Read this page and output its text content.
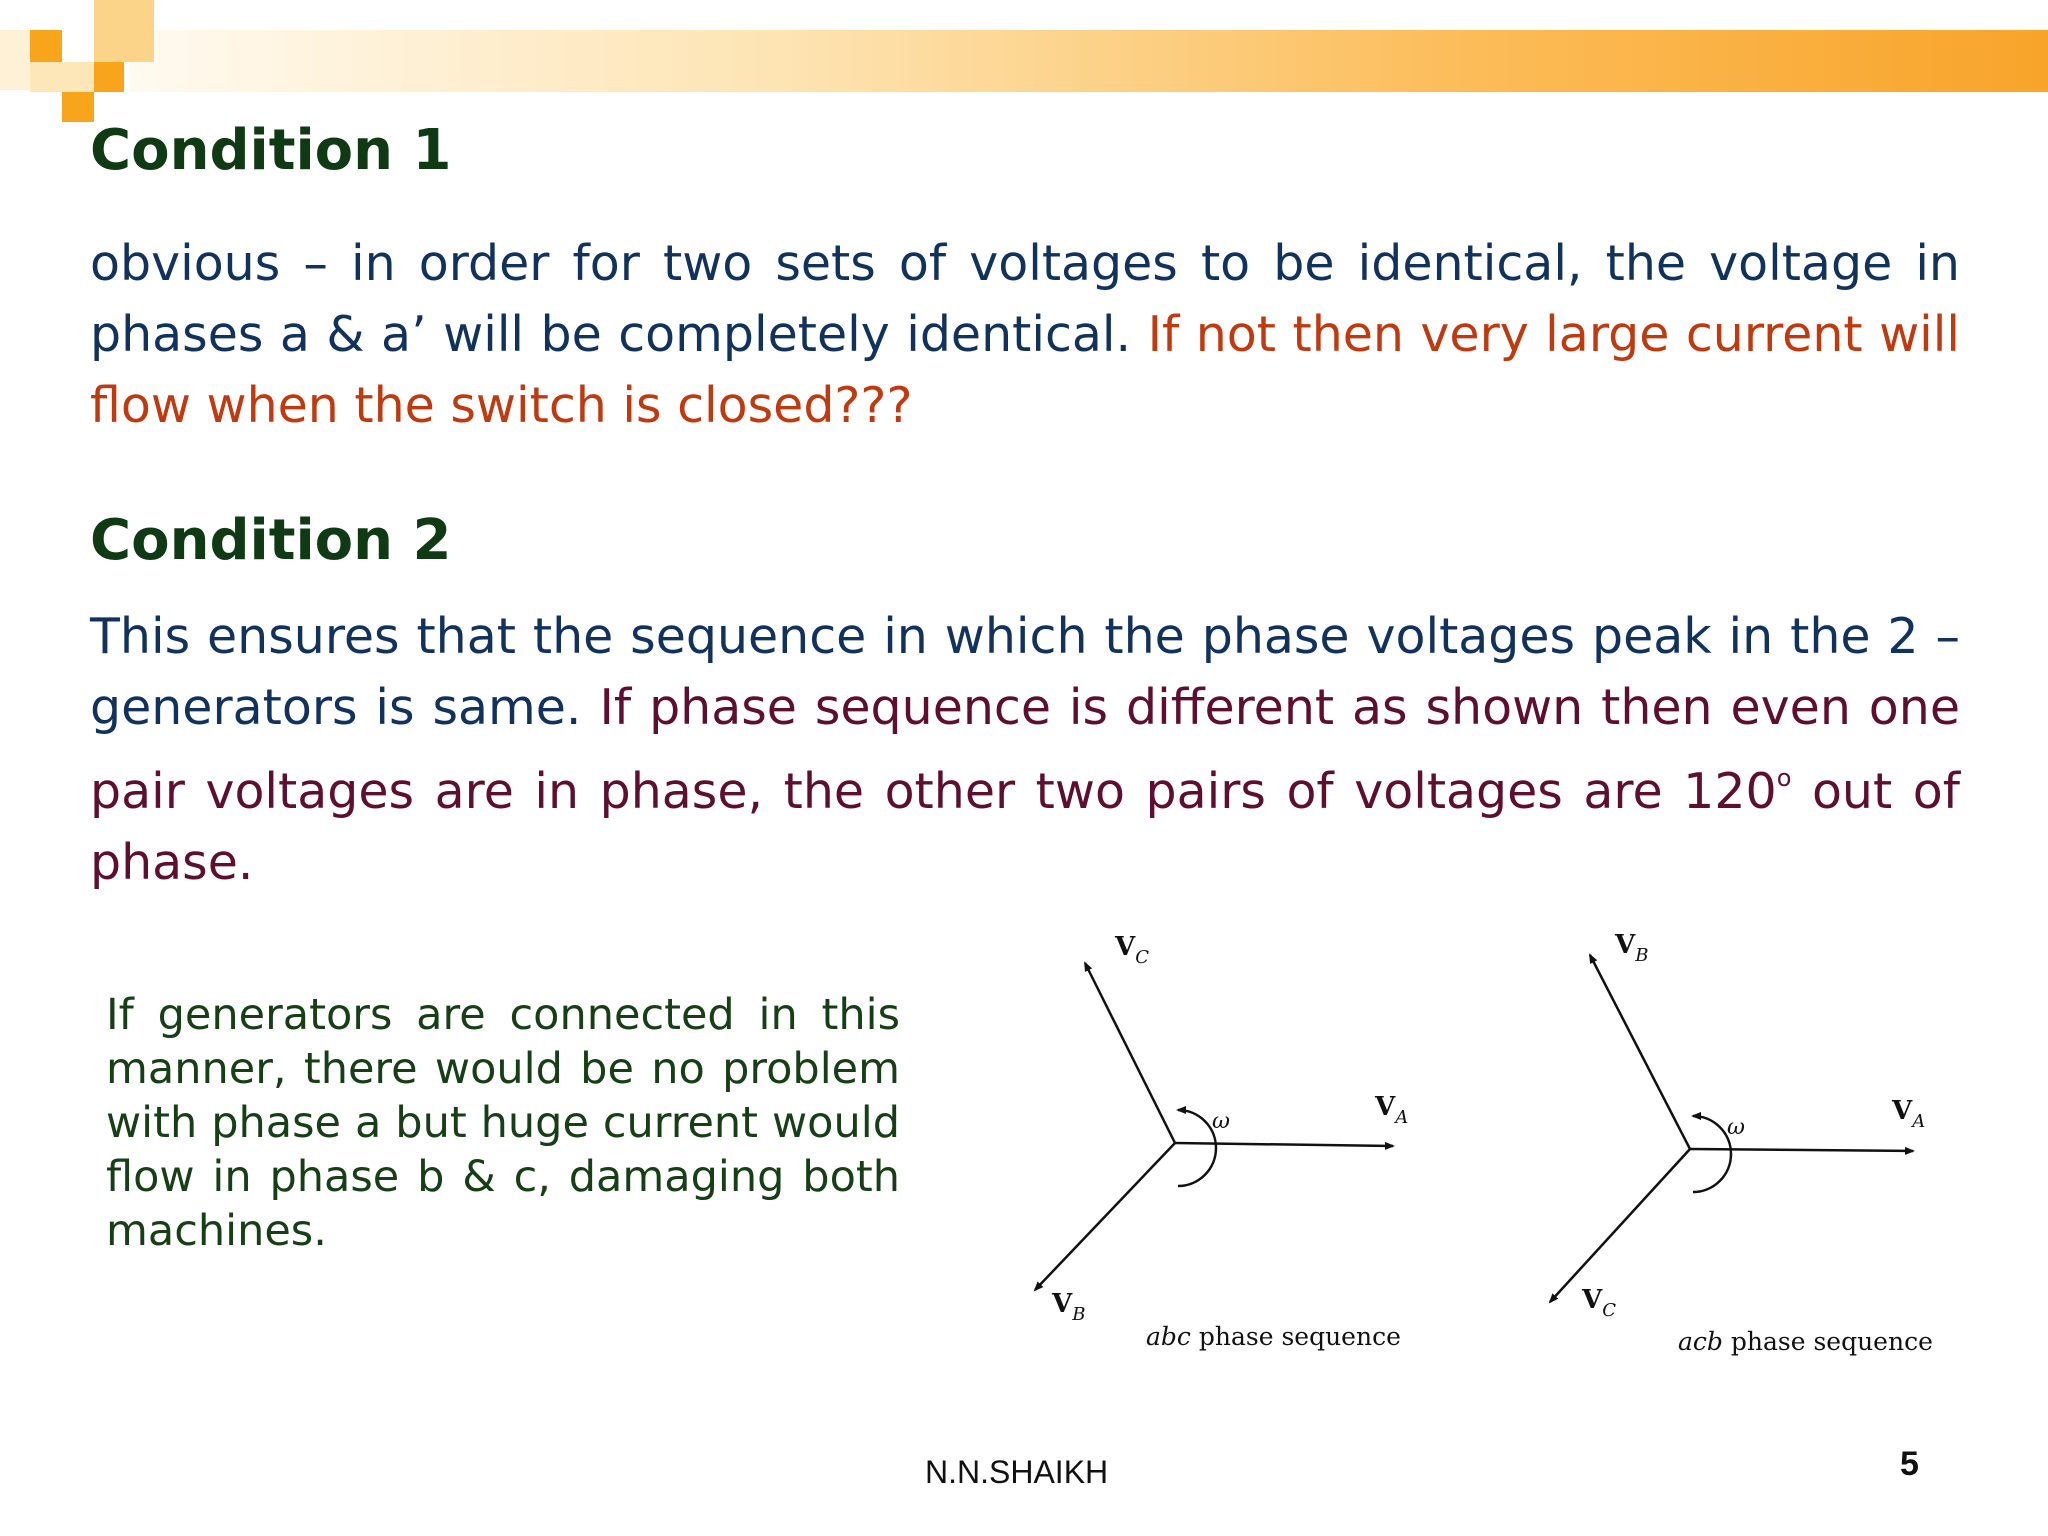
Condition 1

obvious – in order for two sets of voltages to be identical, the voltage in phases a & a’ will be completely identical. If not then very large current will flow when the switch is closed???

Condition 2

This ensures that the sequence in which the phase voltages peak in the 2 – generators is same. If phase sequence is different as shown then even one pair voltages are in phase, the other two pairs of voltages are 120$^o$ out of phase.

If generators are connected in this manner, there would be no problem with phase a but huge current would flow in phase b & c, damaging both machines.

ω
$V_C$
$V_A$
$V_B$
abc phase sequence
ω
$V_B$
$V_A$
$V_C$
acb phase sequence
N.N.SHAIKH	5
